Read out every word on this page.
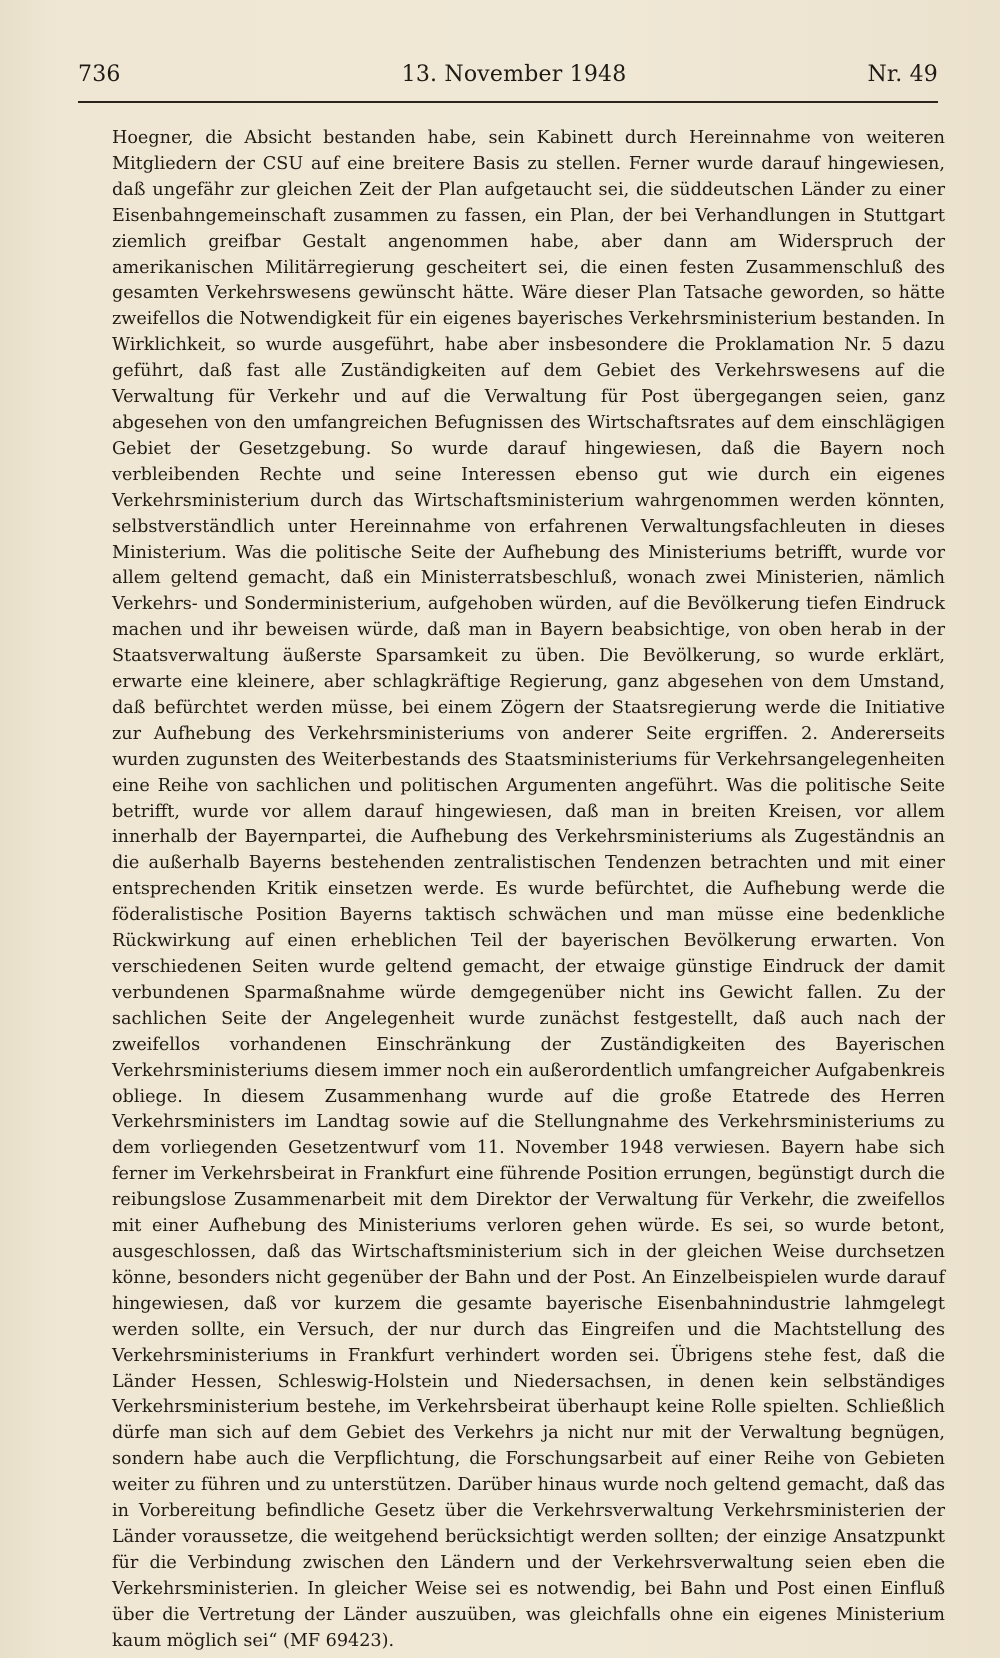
736	13. November 1948	Nr. 49

Hoegner, die Absicht bestanden habe, sein Kabinett durch Hereinnahme von weiteren Mitgliedern der CSU auf eine breitere Basis zu stellen. Ferner wurde darauf hingewiesen, daß ungefähr zur gleichen Zeit der Plan aufgetaucht sei, die süddeutschen Länder zu einer Eisenbahngemeinschaft zusammen zu fassen, ein Plan, der bei Verhandlungen in Stuttgart ziemlich greifbar Gestalt angenommen habe, aber dann am Widerspruch der amerikanischen Militärregierung gescheitert sei, die einen festen Zusammenschluß des gesamten Verkehrswesens gewünscht hätte. Wäre dieser Plan Tatsache geworden, so hätte zweifellos die Notwendigkeit für ein eigenes bayerisches Verkehrsministerium bestanden. In Wirklichkeit, so wurde ausgeführt, habe aber insbesondere die Proklamation Nr. 5 dazu geführt, daß fast alle Zuständigkeiten auf dem Gebiet des Verkehrswesens auf die Verwaltung für Verkehr und auf die Verwaltung für Post übergegangen seien, ganz abgesehen von den umfangreichen Befugnissen des Wirtschaftsrates auf dem einschlägigen Gebiet der Gesetzgebung. So wurde darauf hingewiesen, daß die Bayern noch verbleibenden Rechte und seine Interessen ebenso gut wie durch ein eigenes Verkehrsministerium durch das Wirtschaftsministerium wahrgenommen werden könnten, selbstverständlich unter Hereinnahme von erfahrenen Verwaltungsfachleuten in dieses Ministerium. Was die politische Seite der Aufhebung des Ministeriums betrifft, wurde vor allem geltend gemacht, daß ein Ministerratsbeschluß, wonach zwei Ministerien, nämlich Verkehrs- und Sonderministerium, aufgehoben würden, auf die Bevölkerung tiefen Eindruck machen und ihr beweisen würde, daß man in Bayern beabsichtige, von oben herab in der Staatsverwaltung äußerste Sparsamkeit zu üben. Die Bevölkerung, so wurde erklärt, erwarte eine kleinere, aber schlagkräftige Regierung, ganz abgesehen von dem Umstand, daß befürchtet werden müsse, bei einem Zögern der Staatsregierung werde die Initiative zur Aufhebung des Verkehrsministeriums von anderer Seite ergriffen. 2. Andererseits wurden zugunsten des Weiterbestands des Staatsministeriums für Verkehrsangelegenheiten eine Reihe von sachlichen und politischen Argumenten angeführt. Was die politische Seite betrifft, wurde vor allem darauf hingewiesen, daß man in breiten Kreisen, vor allem innerhalb der Bayernpartei, die Aufhebung des Verkehrsministeriums als Zugeständnis an die außerhalb Bayerns bestehenden zentralistischen Tendenzen betrachten und mit einer entsprechenden Kritik einsetzen werde. Es wurde befürchtet, die Aufhebung werde die föderalistische Position Bayerns taktisch schwächen und man müsse eine bedenkliche Rückwirkung auf einen erheblichen Teil der bayerischen Bevölkerung erwarten. Von verschiedenen Seiten wurde geltend gemacht, der etwaige günstige Eindruck der damit verbundenen Sparmaßnahme würde demgegenüber nicht ins Gewicht fallen. Zu der sachlichen Seite der Angelegenheit wurde zunächst festgestellt, daß auch nach der zweifellos vorhandenen Einschränkung der Zuständigkeiten des Bayerischen Verkehrsministeriums diesem immer noch ein außerordentlich umfangreicher Aufgabenkreis obliege. In diesem Zusammenhang wurde auf die große Etatrede des Herren Verkehrsministers im Landtag sowie auf die Stellungnahme des Verkehrsministeriums zu dem vorliegenden Gesetzentwurf vom 11. November 1948 verwiesen. Bayern habe sich ferner im Verkehrsbeirat in Frankfurt eine führende Position errungen, begünstigt durch die reibungslose Zusammenarbeit mit dem Direktor der Verwaltung für Verkehr, die zweifellos mit einer Aufhebung des Ministeriums verloren gehen würde. Es sei, so wurde betont, ausgeschlossen, daß das Wirtschaftsministerium sich in der gleichen Weise durchsetzen könne, besonders nicht gegenüber der Bahn und der Post. An Einzelbeispielen wurde darauf hingewiesen, daß vor kurzem die gesamte bayerische Eisenbahnindustrie lahmgelegt werden sollte, ein Versuch, der nur durch das Eingreifen und die Machtstellung des Verkehrsministeriums in Frankfurt verhindert worden sei. Übrigens stehe fest, daß die Länder Hessen, Schleswig-Holstein und Niedersachsen, in denen kein selbständiges Verkehrsministerium bestehe, im Verkehrsbeirat überhaupt keine Rolle spielten. Schließlich dürfe man sich auf dem Gebiet des Verkehrs ja nicht nur mit der Verwaltung begnügen, sondern habe auch die Verpflichtung, die Forschungsarbeit auf einer Reihe von Gebieten weiter zu führen und zu unterstützen. Darüber hinaus wurde noch geltend gemacht, daß das in Vorbereitung befindliche Gesetz über die Verkehrsverwaltung Verkehrsministerien der Länder voraussetze, die weitgehend berücksichtigt werden sollten; der einzige Ansatzpunkt für die Verbindung zwischen den Ländern und der Verkehrsverwaltung seien eben die Verkehrsministerien. In gleicher Weise sei es notwendig, bei Bahn und Post einen Einfluß über die Vertretung der Länder auszuüben, was gleichfalls ohne ein eigenes Ministerium kaum möglich sei“ (MF 69423).
